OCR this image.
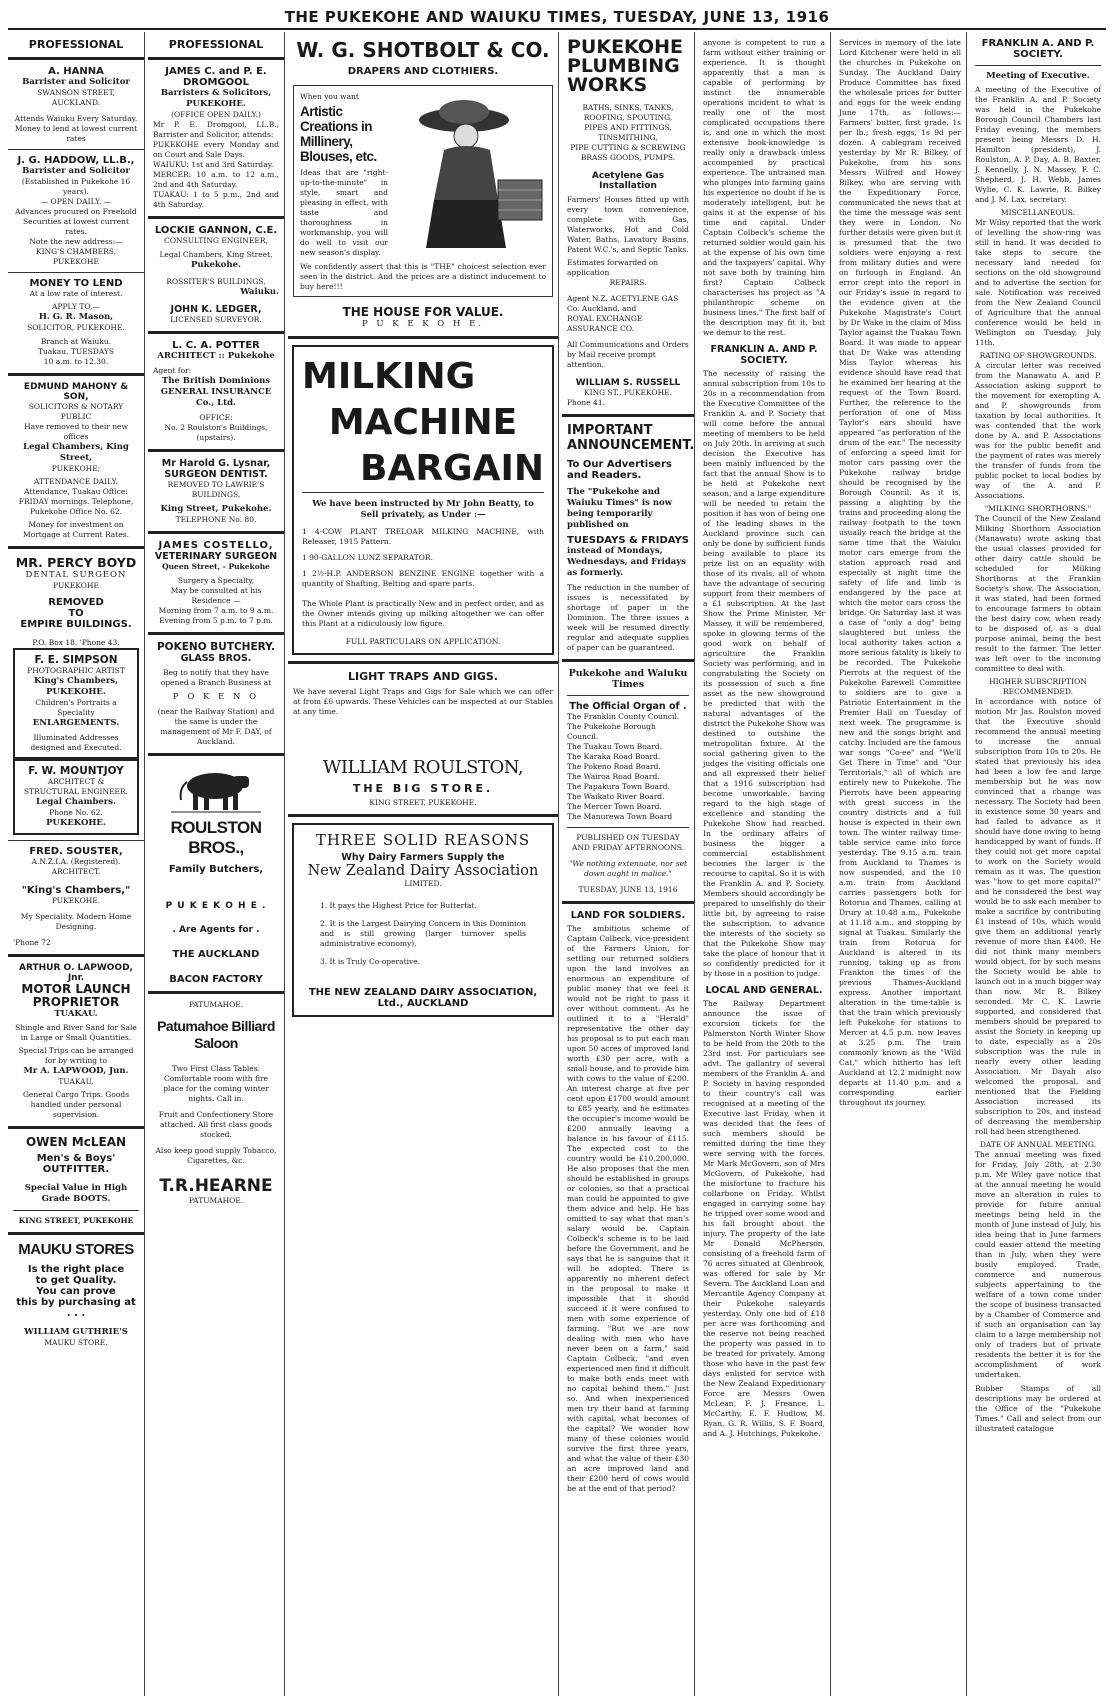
THE PUKEKOHE AND WAIUKU TIMES, TUESDAY, JUNE 13, 1916
PROFESSIONAL
A. HANNA
Barrister and Solicitor
SWANSON STREET, AUCKLAND.
Attends Waiuku Every Saturday.
Money to lend at lowest current rates
J. G. HADDOW, LL.B.,
Barrister and Solicitor
(Established in Pukekohe 16 years).
— OPEN DAILY. —
Advances procured on Freehold Securities at lowest current rates.
Note the new address:—
KING'S CHAMBERS, PUKEKOHE
MONEY TO LEND
At a low rate of interest.
APPLY TO,—
H. G. R. Mason,
SOLICITOR, PUKEKOHE.
Branch at Waiuku.
Tuakau, TUESDAYS
10 a.m. to 12.30.
EDMUND MAHONY & SON,
SOLICITORS & NOTARY PUBLIC
Have removed to their new offices
Legal Chambers, King Street,
PUKEKOHE;
ATTENDANCE DAILY.
Attendance, Tuakau Office: FRIDAY mornings. Telephone, Pukekohe Office No. 62.
Money for investment on Mortgage at Current Rates.
MR. PERCY BOYD
DENTAL SURGEON
PUKEKOHE
REMOVED
TO
EMPIRE BUILDINGS.
P.O. Box 18. 'Phone 43.
F. E. SIMPSON
PHOTOGRAPHIC ARTIST
King's Chambers,
PUKEKOHE.
Children's Portraits a Speciality
ENLARGEMENTS.
Illuminated Addresses designed and Executed.
F. W. MOUNTJOY
ARCHITECT & STRUCTURAL ENGINEER.
Legal Chambers.
Phone No. 62.
PUKEKOHE.
FRED. SOUSTER,
A.N.Z.I.A. (Registered).
ARCHITECT.
"King's Chambers,"
PUKEKOHE.
My Speciality. Modern Home Designing.
'Phone 72
ARTHUR O. LAPWOOD, Jnr.
MOTOR LAUNCH PROPRIETOR
TUAKAU.
Shingle and River Sand for Sale in Large or Small Quantities.
Special Trips can be arranged for by writing to
Mr A. LAPWOOD, Jun.
TUAKAU.
General Cargo Trips. Goods handled under personal supervision.
OWEN McLEAN
Men's & Boys'
OUTFITTER.
Special Value in High Grade BOOTS.
KING STREET, PUKEKOHE
MAUKU STORES
Is the right place
to get Quality.
You can prove
this by purchasing at . . .
WILLIAM GUTHRIE'S
MAUKU STORE.
PROFESSIONAL
JAMES C. and P. E.
DROMGOOL
Barristers & Solicitors,
PUKEKOHE.
(OFFICE OPEN DAILY.)
Mr P. E. Dromgool, LL.B., Barrister and Solicitor, attends:
PUKEKOHE every Monday and on Court and Sale Days.
WAIUKU: 1st and 3rd Saturday.
MERCER: 10 a.m. to 12 a.m., 2nd and 4th Saturday.
TUAKAU: 1 to 5 p.m., 2nd and 4th Saturday.
LOCKIE GANNON, C.E.
CONSULTING ENGINEER,
Legal Chambers, King Street,
Pukekohe.
ROSSITER'S BUILDINGS,
Waiuku.
JOHN K. LEDGER,
LICENSED SURVEYOR.
L. C. A. POTTER
ARCHITECT :: Pukekohe
Agent for:
The British Dominions
GENERAL INSURANCE
Co., Ltd.
OFFICE:
No. 2 Roulston's Buildings, (upstairs).
Mr Harold G. Lysnar,
SURGEON DENTIST.
REMOVED TO LAWRIE'S BUILDINGS,
King Street, Pukekohe.
TELEPHONE No. 80.
JAMES COSTELLO,
VETERINARY SURGEON
Queen Street, - Pukekohe
Surgery a Specialty,
May be consulted at his Residence —
Morning from 7 a.m. to 9 a.m.
Evening from 5 p.m. to 7 p.m.
POKENO BUTCHERY.
GLASS BROS.
Beg to notify that they have opened a Branch Business at
P O K E N O
(near the Railway Station) and the same is under the management of Mr F. DAY, of Auckland.
ROULSTON BROS.,
Family Butchers,
P U K E K O H E .
. Are Agents for .
THE AUCKLAND
BACON FACTORY
PATUMAHOE.
Patumahoe Billiard Saloon
Two First Class Tables. Comfortable room with fire place for the coming winter nights. Call in.
Fruit and Confectionery Store attached. All first class goods stocked.
Also keep good supply Tobacco, Cigarettes, &c.
T.R.HEARNE
PATUMAHOE.
W. G. SHOTBOLT & CO.
DRAPERS AND CLOTHIERS.
When you want
Artistic Creations in Millinery, Blouses, etc.
Ideas that are "right-up-to-the-minute" in style, smart and pleasing in effect, with taste and thoroughness in workmanship, you will do well to visit our new season's display.
We confidently assert that this is "THE" choicest selection ever seen in the district. And the prices are a distinct inducement to buy here!!!
THE HOUSE FOR VALUE.
P U K E K O H E.
MILKING
MACHINE
BARGAIN
We have been instructed by Mr John Beatty, to Sell privately, as Under :—
1 4-COW PLANT TRELOAR MILKING MACHINE, with Releaser, 1915 Pattern.
1 90-GALLON LUNZ SEPARATOR.
1 2½-H.P. ANDERSON BENZINE ENGINE together with a quantity of Shafting, Belting and spare parts.
The Whole Plant is practically New and in perfect order, and as the Owner intends giving up milking altogether we can offer this Plant at a ridiculously low figure.
FULL PARTICULARS ON APPLICATION.
LIGHT TRAPS AND GIGS.
We have several Light Traps and Gigs for Sale which we can offer at from £6 upwards. These Vehicles can be inspected at our Stables at any time.
WILLIAM ROULSTON,
THE BIG STORE.
KING STREET, PUKEKOHE.
THREE SOLID REASONS
Why Dairy Farmers Supply the
New Zealand Dairy Association
LIMITED.
1. It pays the Highest Price for Butterfat.
2. It is the Largest Dairying Concern in this Dominion and is still growing (larger turnover spells administrative economy).
3. It is Truly Co-operative.
THE NEW ZEALAND DAIRY ASSOCIATION, Ltd., AUCKLAND
PUKEKOHE
PLUMBING
WORKS
BATHS, SINKS, TANKS,
ROOFING, SPOUTING,
PIPES AND FITTINGS,
TINSMITHING,
PIPE CUTTING & SCREWING
BRASS GOODS, PUMPS.
Acetylene Gas Installation
Farmers' Houses fitted up with every town convenience, complete with Gas, Waterworks, Hot and Cold Water, Baths, Lavatory Basins, Patent W.C.'s, and Septic Tanks.
Estimates forwarded on application
REPAIRS.
Agent N.Z. ACETYLENE GAS Co. Auckland, and
ROYAL EXCHANGE ASSURANCE CO.
All Communications and Orders by Mail receive prompt attention.
WILLIAM S. RUSSELL
KING ST., PUKEKOHE.
Phone 41.
IMPORTANT ANNOUNCEMENT.
To Our Advertisers and Readers.
The "Pukekohe and Waiuku Times" is now being temporarily published on
TUESDAYS & FRIDAYS
instead of Mondays, Wednesdays, and Fridays as formerly.
The reduction in the number of issues is necessitated by shortage of paper in the Dominion. The three issues a week will be resumed directly regular and adequate supplies of paper can be guaranteed.
Pukekohe and Waiuku Times
The Official Organ of .
The Franklin County Council.
The Pukekohe Borough Council.
The Tuakau Town Board.
The Karaka Road Board.
The Pokeno Road Board.
The Wairoa Road Board.
The Papakura Town Board.
The Waikato River Board.
The Mercer Town Board.
The Manurewa Town Board
PUBLISHED ON TUESDAY AND FRIDAY AFTERNOONS.
"We nothing extenuate, nor set down aught in malice."
TUESDAY, JUNE 13, 1916
LAND FOR SOLDIERS.
The ambitious scheme of Captain Colbeck, vice-president of the Farmers Union, for settling our returned soldiers upon the land involves an enormous an expenditure of public money that we feel it would not be right to pass it over without comment. As he outlined it to a "Herald" representative the other day his proposal is to put each man upon 50 acres of improved land worth £30 per acre, with a small house, and to provide him with cows to the value of £200. An interest charge at five per cent upon £1700 would amount to £85 yearly, and he estimates the occupier's income would be £200 annually leaving a balance in his favour of £115. The expected cost to the country would be £10,200,000. He also proposes that the men should be established in groups or colonies, so that a practical man could be appointed to give them advice and help. He has omitted to say what that man's salary would be. Captain Colbeck's scheme is to be laid before the Government, and he says that he is sanguine that it will be adopted. There is apparently no inherent defect in the proposal to make it impossible that it should succeed if it were confined to men with some experience of farming. "But we are now dealing with men who have never been on a farm," said Captain Colbeck, "and even experienced men find it difficult to make both ends meet with no capital behind them." Just so. And when inexperienced men try their hand at farming with capital, what becomes of the capital? We wonder how many of these colonies would survive the first three years, and what the value of their £30 an acre improved land and their £200 herd of cows would be at the end of that period?
anyone is competent to run a farm without either training or experience. It is thought apparently that a man is capable of performing by instinct the innumerable operations incident to what is really one of the most complicated occupations there is, and one in which the most extensive book-knowledge is really only a drawback unless accompanied by practical experience. The untrained man who plunges into farming gains his experience no doubt if he is moderately intelligent, but he gains it at the expense of his time and capital. Under Captain Colbeck's scheme the returned soldier would gain his at the expense of his own time and the taxpayers' capital. Why not save both by training him first? Captain Colbeck characterises his project as "A philanthropic scheme on business lines." The first half of the description may fit it, but we demur to the rest.
FRANKLIN A. AND P. SOCIETY.
The necessity of raising the annual subscription from 10s to 20s in a recommendation from the Executive Committee of the Franklin A. and P. Society that will come before the annual meeting of members to be held on July 20th. In arriving at such decision the Executive has been mainly influenced by the fact that the annual Show is to be held at Pukekohe next season, and a large expenditure will be needed to retain the position it has won of being one of the leading shows in the Auckland province such can only be done by sufficient funds being available to place its prize list on an equality with those of its rivals, all of whom have the advantage of securing support from their members of a £1 subscription. At the last Show the Prime Minister, Mr Massey, it will be remembered, spoke in glowing terms of the good work on behalf of agriculture the Franklin Society was performing, and in congratulating the Society on its possession of such a fine asset as the new showground he predicted that with the natural advantages of the district the Pukekohe Show was destined to outshine the metropolitan fixture. At the social gathering given to the judges the visiting officials one and all expressed their belief that a 1916 subscription had become unworkable, having regard to the high stage of excellence and standing the Pukekohe Show had reached. In the ordinary affairs of business the bigger a commercial establishment becomes the larger is the recourse to capital. So it is with the Franklin A. and P. Society. Members should accordingly be prepared to unselfishly do their little bit, by agreeing to raise the subscription, to advance the interests of the society so that the Pukekohe Show may take the place of honour that it so confidently predicted for it by those in a position to judge.
LOCAL AND GENERAL.
The Railway Department announce the issue of excursion tickets for the Palmerston North Winter Show to be held from the 20th to the 23rd inst. For particulars see advt. The gallantry of several members of the Franklin A. and P. Society in having responded to their country's call was recognised at a meeting of the Executive last Friday, when it was decided that the fees of such members should be remitted during the time they were serving with the forces. Mr Mark McGovern, son of Mrs McGovern, of Pukekohe, had the misfortune to fracture his collarbone on Friday. Whilst engaged in carrying some hay he tripped over some wood and his fall brought about the injury. The property of the late Mr Donald McPherson, consisting of a freehold farm of 76 acres situated at Glenbrook, was offered for sale by Mr Severn. The Auckland Loan and Mercantile Agency Company at their Pukekohe saleyards yesterday. Only one bid of £18 per acre was forthcoming and the reserve not being reached the property was passed in to be treated for privately. Among those who have in the past few days enlisted for service with the New Zealand Expeditionary Force are Messrs Owen McLean, F. J. Freance, L. McCarthy, E. F. Hudlow, M. Ryan, G. R. Willis, S. F. Board, and A. J. Hutchings, Pukekohe.
Services in memory of the late Lord Kitchener were held in all the churches in Pukekohe on Sunday. The Auckland Dairy Produce Committee has fixed the wholesale prices for butter and eggs for the week ending June 17th, as follows:—Farmers' butter, first grade, 1s per lb.; fresh eggs, 1s 9d per dozen. A cablegram received yesterday by Mr R. Bilkey, of Pukekohe, from his sons Messrs Wilfred and Howey Bilkey, who are serving with the Expeditionary Force, communicated the news that at the time the message was sent they were in London. No further details were given but it is presumed that the two soldiers were enjoying a rest from military duties and were on furlough in England. An error crept into the report in our Friday's issue in regard to the evidence given at the Pukekohe Magistrate's Court by Dr Wake in the claim of Miss Taylor against the Tuakau Town Board. It was made to appear that Dr Wake was attending Miss Taylor whereas his evidence should have read that he examined her hearing at the request of the Town Board. Further, the reference to the perforation of one of Miss Taylor's ears should have appeared "as perforation of the drum of the ear." The necessity of enforcing a speed limit for motor cars passing over the Pukekohe railway bridge should be recognised by the Borough Council. As it is, passing a alighting by the trains and proceeding along the railway footpath to the town usually reach the bridge at the same time that the Waiuku motor cars emerge from the station approach road and especially at night time the safety of life and limb is endangered by the pace at which the motor cars cross the bridge. On Saturday last it was a case of "only a dog" being slaughtered but unless the local authority takes action a more serious fatality is likely to be recorded. The Pukekohe Pierrots at the request of the Pukekohe Farewell Committee to soldiers are to give a Patriotic Entertainment in the Premier Hall on Tuesday of next week. The programme is new and the songs bright and catchy. Included are the famous war songs "Co-ee" and "We'll Get There in Time" and "Our Territorials," all of which are entirely new to Pukekohe. The Pierrots have been appearing with great success in the country districts and a full house is expected in their own town. The winter railway time-table service came into force yesterday. The 9.15 a.m. train from Auckland to Thames is now suspended, and the 10 a.m. train from Auckland carries passengers both for Rotorua and Thames, calling at Drury at 10.48 a.m., Pukekohe at 11.18 a.m., and stopping by signal at Tuakau. Similarly the train from Rotorua for Auckland is altered in its running, taking up as from Frankton the times of the previous Thames-Auckland express. Another important alteration in the time-table is that the train which previously left Pukekohe for stations to Mercer at 4.5 p.m. now leaves at 3.25 p.m. The train commonly known as the "Wild Cat," which hitherto has left Auckland at 12.2 midnight now departs at 11.40 p.m. and a corresponding earlier throughout its journey.
FRANKLIN A. AND P. SOCIETY.
Meeting of Executive.
A meeting of the Executive of the Franklin A. and P. Society was held in the Pukekohe Borough Council Chambers last Friday evening, the members present being Messrs D. H. Hamilton (president), J. Roulston, A. P. Day, A. B. Baxter, J. Kennelly, J. N. Massey, F. C. Shepherd, J. H. Webb, James Wylie, C. K. Lawrie, R. Bilkey and J. M. Lax, secretary.
MISCELLANEOUS.
Mr Wilsy reported that the work of levelling the show-ring was still in hand. It was decided to take steps to secure the necessary land needed for sections on the old showground and to advertise the section for sale. Notification was received from the New Zealand Council of Agriculture that the annual conference would be held in Wellington on Tuesday, July 11th.
RATING OF SHOWGROUNDS.
A circular letter was received from the Manawatu A. and P. Association asking support to the movement for exempting A. and P. showgrounds from taxation by local authorities. It was contended that the work done by A. and P. Associations was for the public benefit and the payment of rates was merely the transfer of funds from the public pocket to local bodies by way of the A. and P. Associations.
"MILKING SHORTHORNS."
The Council of the New Zealand Milking Shorthorn Association (Manawatu) wrote asking that the usual classes provided for other dairy cattle should be scheduled for Milking Shorthorns at the Franklin Society's show. The Association, it was stated, had been formed to encourage farmers to obtain the best dairy cow, when ready to be disposed of, as a dual purpose animal, being the best result to the farmer. The letter was left over to the incoming committee to deal with.
HIGHER SUBSCRIPTION RECOMMENDED.
In accordance with notice of motion Mr Jas. Roulston moved that the Executive should recommend the annual meeting to increase the annual subscription from 10s to 20s. He stated that previously his idea had been a low fee and large membership but he was now convinced that a change was necessary. The Society had been in existence some 30 years and had failed to advance as it should have done owing to being handicapped by want of funds. If they could not get more capital to work on the Society would remain as it was. The question was "how to get more capital?" and he considered the best way would be to ask each member to make a sacrifice by contributing £1 instead of 10s, which would give them an additional yearly revenue of more than £400. He did not think many members would object, for by such means the Society would be able to launch out in a much bigger way than now. Mr R. Bilkey seconded. Mr C. K. Lawrie supported, and considered that members should be prepared to assist the Society in keeping up to date, especially as a 20s subscription was the rule in nearly every other leading Association. Mr Dayah also welcomed the proposal, and mentioned that the Fielding Association increased its subscription to 20s, and instead of decreasing the membership roll had been strengthened.
DATE OF ANNUAL MEETING.
The annual meeting was fixed for Friday, July 28th, at 2.30 p.m. Mr Wiley gave notice that at the annual meeting he would move an alteration in rules to provide for future annual meetings being held in the month of June instead of July, his idea being that in June farmers could easier attend the meeting than in July, when they were busily employed. Trade, commerce and numerous subjects appertaining to the welfare of a town come under the scope of business transacted by a Chamber of Commerce and if such an organisation can lay claim to a large membership not only of traders but of private residents the better it is for the accomplishment of work undertaken.
Rubber Stamps of all descriptions may be ordered at the Office of the "Pukekohe Times." Call and select from our illustrated catalogue
